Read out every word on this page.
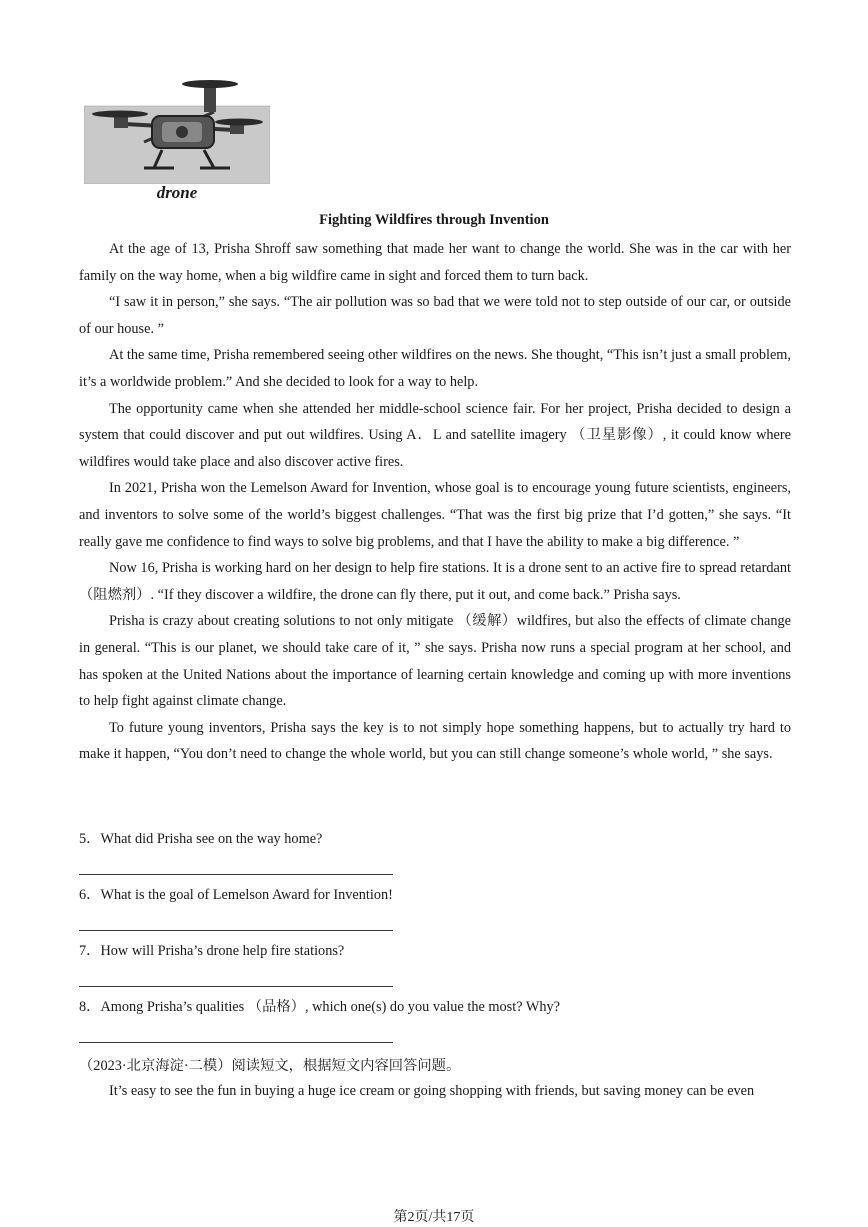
drone
Fighting Wildfires through Invention

At the age of 13, Prisha Shroff saw something that made her want to change the world. She was in the car with her family on the way home, when a big wildfire came in sight and forced them to turn back.

“I saw it in person,” she says. “The air pollution was so bad that we were told not to step outside of our car, or outside of our house. ”

At the same time, Prisha remembered seeing other wildfires on the news. She thought, “This isn’t just a small problem, it’s a worldwide problem.” And she decided to look for a way to help.

The opportunity came when she attended her middle-school science fair. For her project, Prisha decided to design a system that could discover and put out wildfires. Using A．L and satellite imagery （卫星影像）, it could know where wildfires would take place and also discover active fires.

In 2021, Prisha won the Lemelson Award for Invention, whose goal is to encourage young future scientists, engineers, and inventors to solve some of the world’s biggest challenges. “That was the first big prize that I’d gotten,” she says. “It really gave me confidence to find ways to solve big problems, and that I have the ability to make a big difference. ”

Now 16, Prisha is working hard on her design to help fire stations. It is a drone sent to an active fire to spread retardant （阻燃剂）. “If they discover a wildfire, the drone can fly there, put it out, and come back.” Prisha says.

Prisha is crazy about creating solutions to not only mitigate （缓解）wildfires, but also the effects of climate change in general. “This is our planet, we should take care of it, ” she says. Prisha now runs a special program at her school, and has spoken at the United Nations about the importance of learning certain knowledge and coming up with more inventions to help fight against climate change.

To future young inventors, Prisha says the key is to not simply hope something happens, but to actually try hard to make it happen, “You don’t need to change the whole world, but you can still change someone’s whole world, ” she says.

5．What did Prisha see on the way home?
6．What is the goal of Lemelson Award for Invention!
7．How will Prisha’s drone help fire stations?
8．Among Prisha’s qualities （品格）, which one(s) do you value the most? Why?
（2023·北京海淀·二模）阅读短文，根据短文内容回答问题。
It’s easy to see the fun in buying a huge ice cream or going shopping with friends, but saving money can be even
第2页/共17页
